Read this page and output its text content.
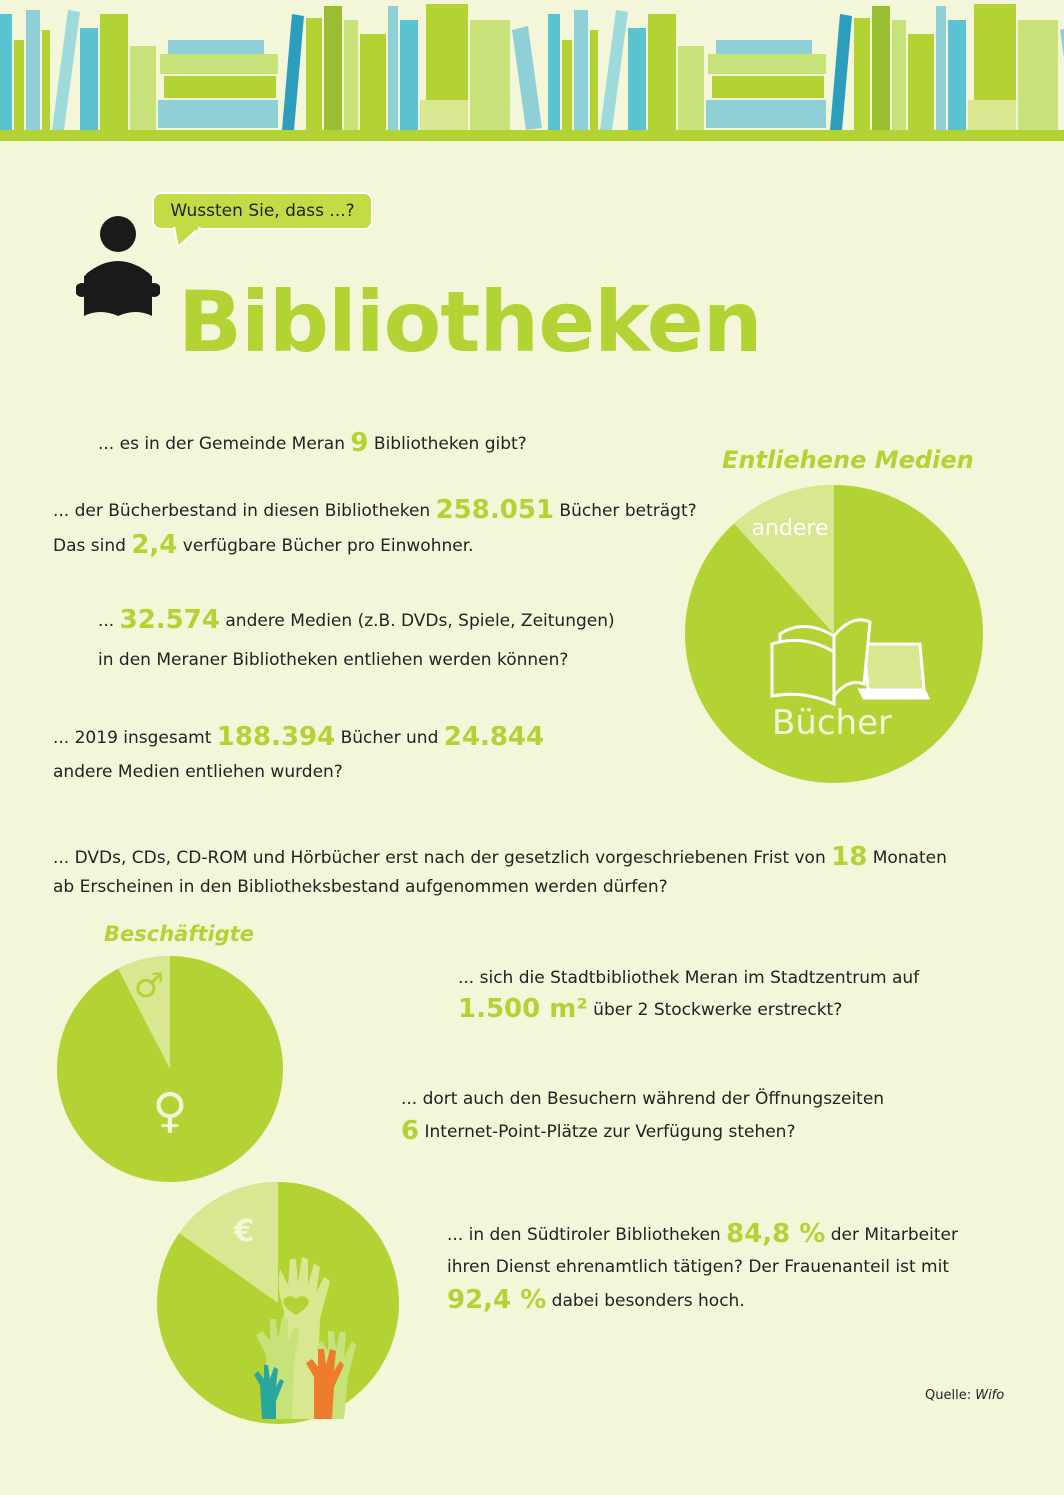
Wussten Sie, dass ...?
Bibliotheken
... es in der Gemeinde Meran 9 Bibliotheken gibt?
... der Bücherbestand in diesen Bibliotheken 258.051 Bücher beträgt?
Das sind 2,4 verfügbare Bücher pro Einwohner.
... 32.574 andere Medien (z.B. DVDs, Spiele, Zeitungen)
in den Meraner Bibliotheken entliehen werden können?
... 2019 insgesamt 188.394 Bücher und 24.844
andere Medien entliehen wurden?
Entliehene Medien
andere
Bücher
... DVDs, CDs, CD-ROM und Hörbücher erst nach der gesetzlich vorgeschriebenen Frist von 18 Monaten
ab Erscheinen in den Bibliotheksbestand aufgenommen werden dürfen?
Beschäftigte
♂
♀
... sich die Stadtbibliothek Meran im Stadtzentrum auf
1.500 m² über 2 Stockwerke erstreckt?
... dort auch den Besuchern während der Öffnungszeiten
6 Internet-Point-Plätze zur Verfügung stehen?
€	... in den Südtiroler Bibliotheken 84,8 % der Mitarbeiter
ihren Dienst ehrenamtlich tätigen? Der Frauenanteil ist mit
92,4 % dabei besonders hoch.
Quelle: Wifo
